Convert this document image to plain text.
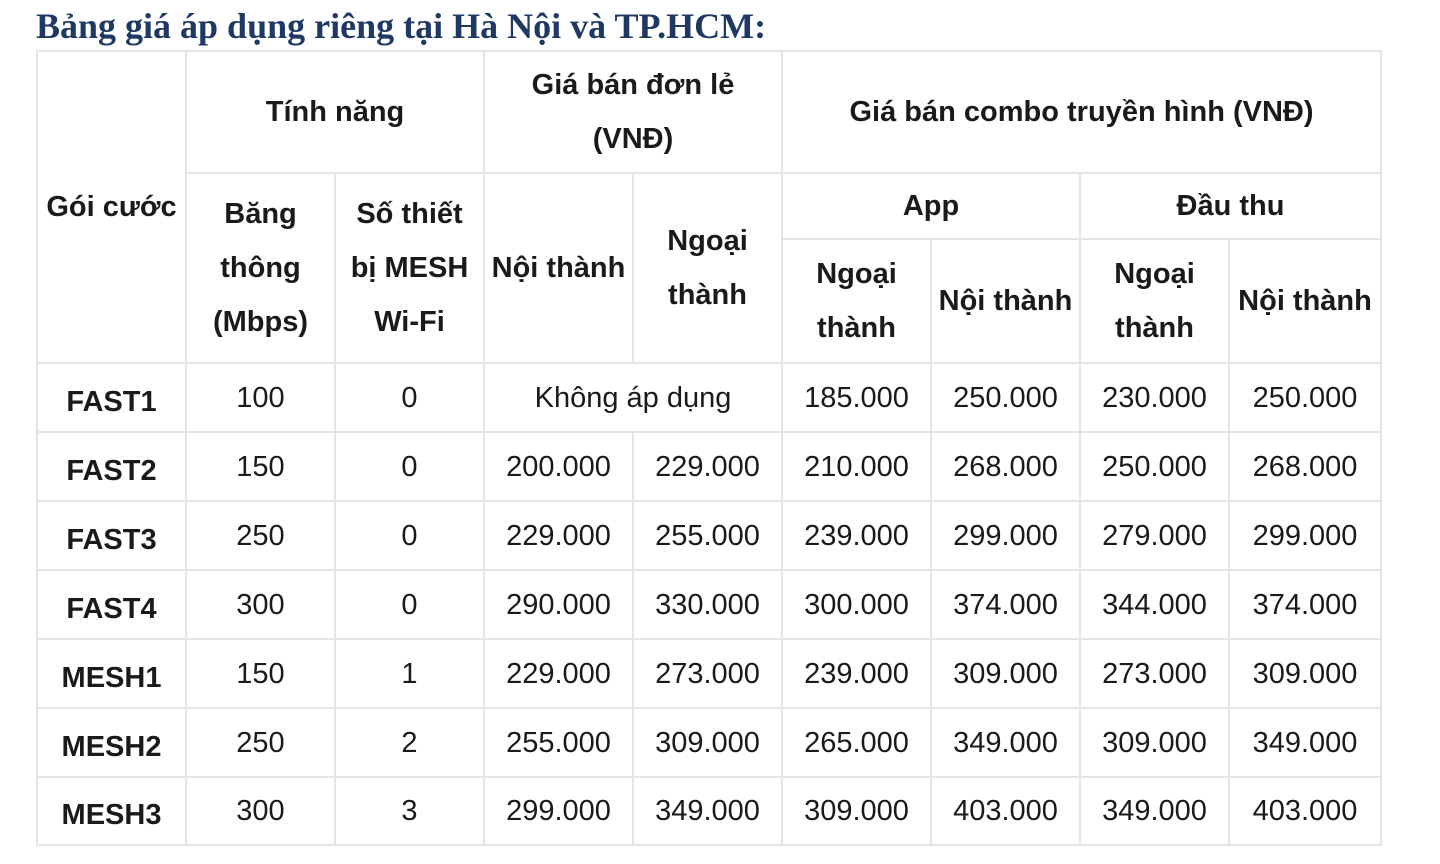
Bảng giá áp dụng riêng tại Hà Nội và TP.HCM:
Gói cước	Tính năng		Giá bán đơn lẻ (VNĐ)		Giá bán combo truyền hình (VNĐ)			
	Băng thông (Mbps)	Số thiết bị MESH Wi-Fi	Nội thành	Ngoại thành	App		Đầu thu	
					Ngoại thành	Nội thành	Ngoại thành	Nội thành
FAST1	100	0	Không áp dụng		185.000	250.000	230.000	250.000
FAST2	150	0	200.000	229.000	210.000	268.000	250.000	268.000
FAST3	250	0	229.000	255.000	239.000	299.000	279.000	299.000
FAST4	300	0	290.000	330.000	300.000	374.000	344.000	374.000
MESH1	150	1	229.000	273.000	239.000	309.000	273.000	309.000
MESH2	250	2	255.000	309.000	265.000	349.000	309.000	349.000
MESH3	300	3	299.000	349.000	309.000	403.000	349.000	403.000
